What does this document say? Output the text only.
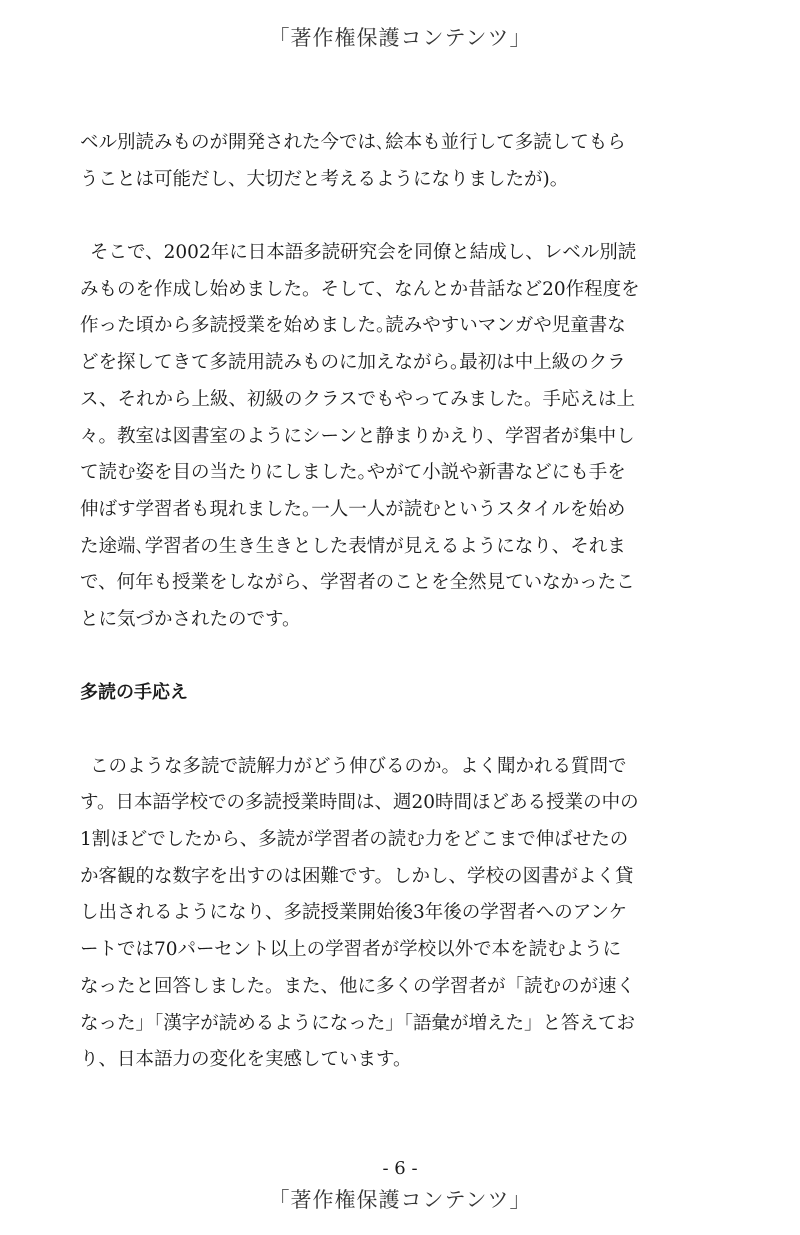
「著作権保護コンテンツ」
ベル別読みものが開発された今では､絵本も並行して多読してもら
うことは可能だし、大切だと考えるようになりましたが)。
そこで、2002年に日本語多読研究会を同僚と結成し、レベル別読
みものを作成し始めました。そして、なんとか昔話など20作程度を
作った頃から多読授業を始めました｡読みやすいマンガや児童書な
どを探してきて多読用読みものに加えながら｡最初は中上級のクラ
ス、それから上級、初級のクラスでもやってみました。手応えは上
々。教室は図書室のようにシーンと静まりかえり、学習者が集中し
て読む姿を目の当たりにしました｡やがて小説や新書などにも手を
伸ばす学習者も現れました｡一人一人が読むというスタイルを始め
た途端､学習者の生き生きとした表情が見えるようになり、それま
で、何年も授業をしながら、学習者のことを全然見ていなかったこ
とに気づかされたのです。
多読の手応え
このような多読で読解力がどう伸びるのか。よく聞かれる質問で
す。日本語学校での多読授業時間は、週20時間ほどある授業の中の
1割ほどでしたから、多読が学習者の読む力をどこまで伸ばせたの
か客観的な数字を出すのは困難です。しかし、学校の図書がよく貸
し出されるようになり、多読授業開始後3年後の学習者へのアンケ
ートでは70パーセント以上の学習者が学校以外で本を読むように
なったと回答しました。また、他に多くの学習者が「読むのが速く
なった」「漢字が読めるようになった」「語彙が増えた」と答えてお
り、日本語力の変化を実感しています。
- 6 -
「著作権保護コンテンツ」
